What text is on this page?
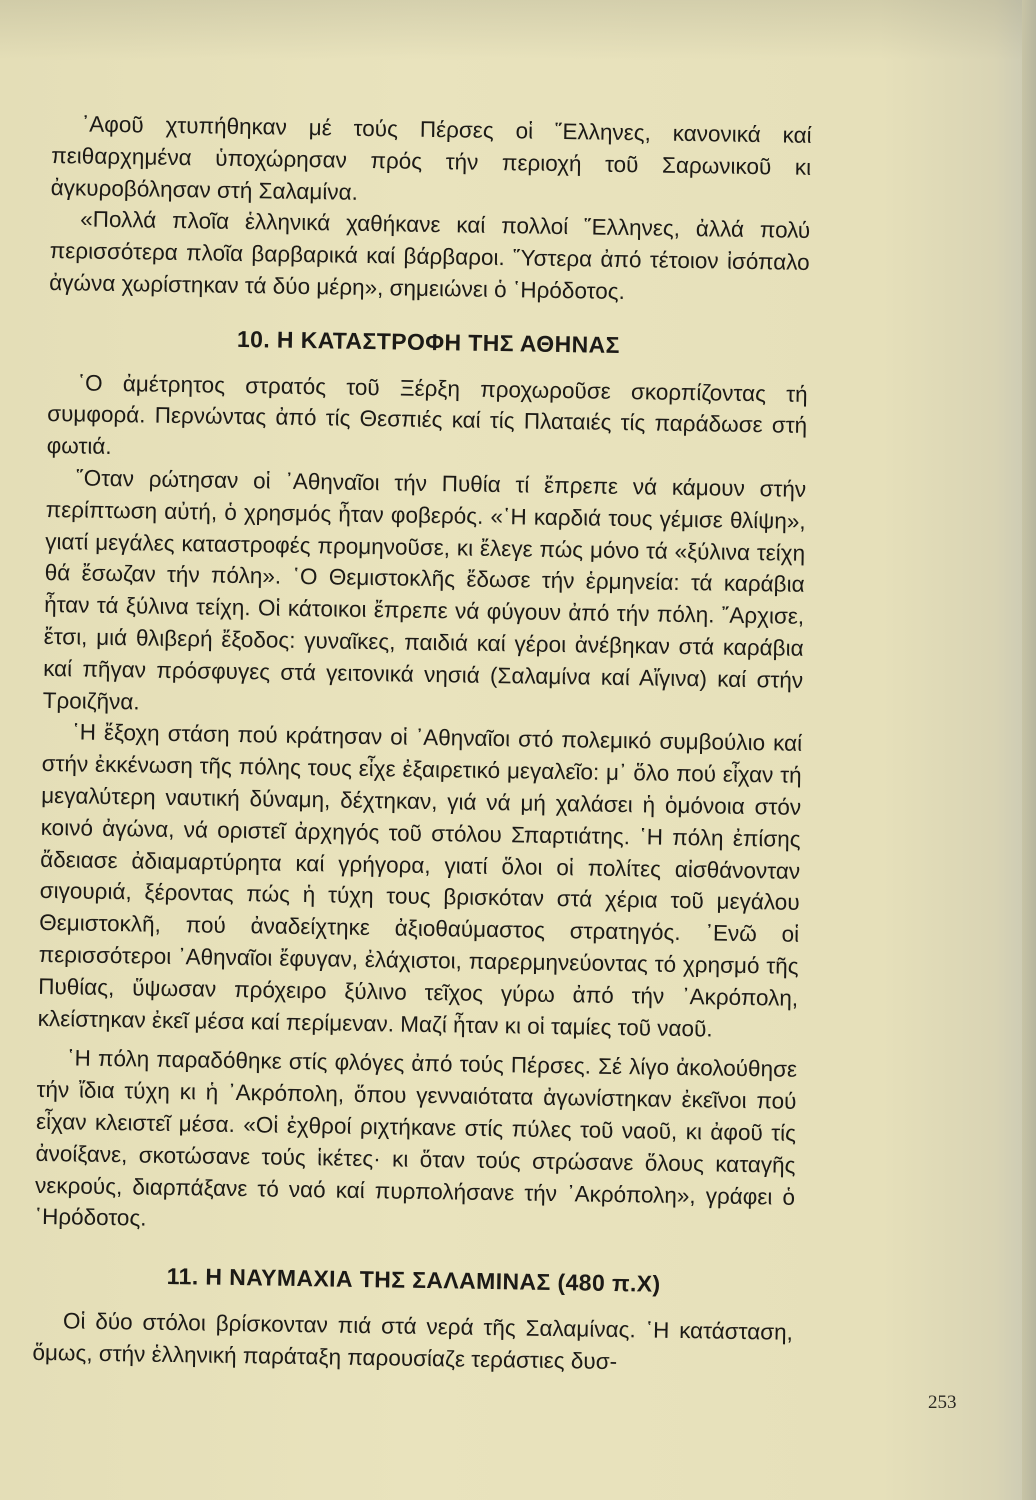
᾿Αφοῦ χτυπήθηκαν μέ τούς Πέρσες οἱ ῞Ελληνες, κανονικά καί πειθαρχημένα ὑποχώρησαν πρός τήν περιοχή τοῦ Σαρωνικοῦ κι ἀγκυροβόλησαν στή Σαλαμίνα.

«Πολλά πλοῖα ἑλληνικά χαθήκανε καί πολλοί ῞Ελληνες, ἀλλά πολύ περισσότερα πλοῖα βαρβαρικά καί βάρβαροι. ῞Υστερα ἀπό τέτοιον ἰσόπαλο ἀγώνα χωρίστηκαν τά δύο μέρη», σημειώνει ὁ ῾Ηρόδοτος.

10. Η ΚΑΤΑΣΤΡΟΦΗ ΤΗΣ ΑΘΗΝΑΣ

῾Ο ἀμέτρητος στρατός τοῦ Ξέρξη προχωροῦσε σκορπίζοντας τή συμφορά. Περνώντας ἀπό τίς Θεσπιές καί τίς Πλαταιές τίς παράδωσε στή φωτιά.

῞Οταν ρώτησαν οἱ ᾿Αθηναῖοι τήν Πυθία τί ἔπρεπε νά κάμουν στήν περίπτωση αὐτή, ὁ χρησμός ἦταν φοβερός. «῾Η καρδιά τους γέμισε θλίψη», γιατί μεγάλες καταστροφές προμηνοῦσε, κι ἔλεγε πώς μόνο τά «ξύλινα τείχη θά ἔσωζαν τήν πόλη». ῾Ο Θεμιστοκλῆς ἔδωσε τήν ἑρμηνεία: τά καράβια ἦταν τά ξύλινα τείχη. Οἱ κάτοικοι ἔπρεπε νά φύγουν ἀπό τήν πόλη. ῎Αρχισε, ἔτσι, μιά θλιβερή ἔξοδος: γυναῖκες, παιδιά καί γέροι ἀνέβηκαν στά καράβια καί πῆγαν πρόσφυγες στά γειτονικά νησιά (Σαλαμίνα καί Αἴγινα) καί στήν Τροιζῆνα.

῾Η ἔξοχη στάση πού κράτησαν οἱ ᾿Αθηναῖοι στό πολεμικό συμβούλιο καί στήν ἐκκένωση τῆς πόλης τους εἶχε ἐξαιρετικό μεγαλεῖο: μ᾿ ὅλο πού εἶχαν τή μεγαλύτερη ναυτική δύναμη, δέχτηκαν, γιά νά μή χαλάσει ἡ ὁμόνοια στόν κοινό ἀγώνα, νά οριστεῖ ἀρχηγός τοῦ στόλου Σπαρτιάτης. ῾Η πόλη ἐπίσης ἄδειασε ἀδιαμαρτύρητα καί γρήγορα, γιατί ὅλοι οἱ πολίτες αἰσθάνονταν σιγουριά, ξέροντας πώς ἡ τύχη τους βρισκόταν στά χέρια τοῦ μεγάλου Θεμιστοκλῆ, πού ἀναδείχτηκε ἀξιοθαύμαστος στρατηγός. ᾿Ενῶ οἱ περισσότεροι ᾿Αθηναῖοι ἔφυγαν, ἐλάχιστοι, παρερμηνεύοντας τό χρησμό τῆς Πυθίας, ὕψωσαν πρόχειρο ξύλινο τεῖχος γύρω ἀπό τήν ᾿Ακρόπολη, κλείστηκαν ἐκεῖ μέσα καί περίμεναν. Μαζί ἦταν κι οἱ ταμίες τοῦ ναοῦ.

῾Η πόλη παραδόθηκε στίς φλόγες ἀπό τούς Πέρσες. Σέ λίγο ἀκολούθησε τήν ἴδια τύχη κι ἡ ᾿Ακρόπολη, ὅπου γενναιότατα ἀγωνίστηκαν ἐκεῖνοι πού εἶχαν κλειστεῖ μέσα. «Οἱ ἐχθροί ριχτήκανε στίς πύλες τοῦ ναοῦ, κι ἀφοῦ τίς ἀνοίξανε, σκοτώσανε τούς ἱκέτες· κι ὅταν τούς στρώσανε ὅλους καταγῆς νεκρούς, διαρπάξανε τό ναό καί πυρπολήσανε τήν ᾿Ακρόπολη», γράφει ὁ ῾Ηρόδοτος.

11. Η ΝΑΥΜΑΧΙΑ ΤΗΣ ΣΑΛΑΜΙΝΑΣ (480 π.Χ)

Οἱ δύο στόλοι βρίσκονταν πιά στά νερά τῆς Σαλαμίνας. ῾Η κατάσταση, ὅμως, στήν ἑλληνική παράταξη παρουσίαζε τεράστιες δυσ-

253
